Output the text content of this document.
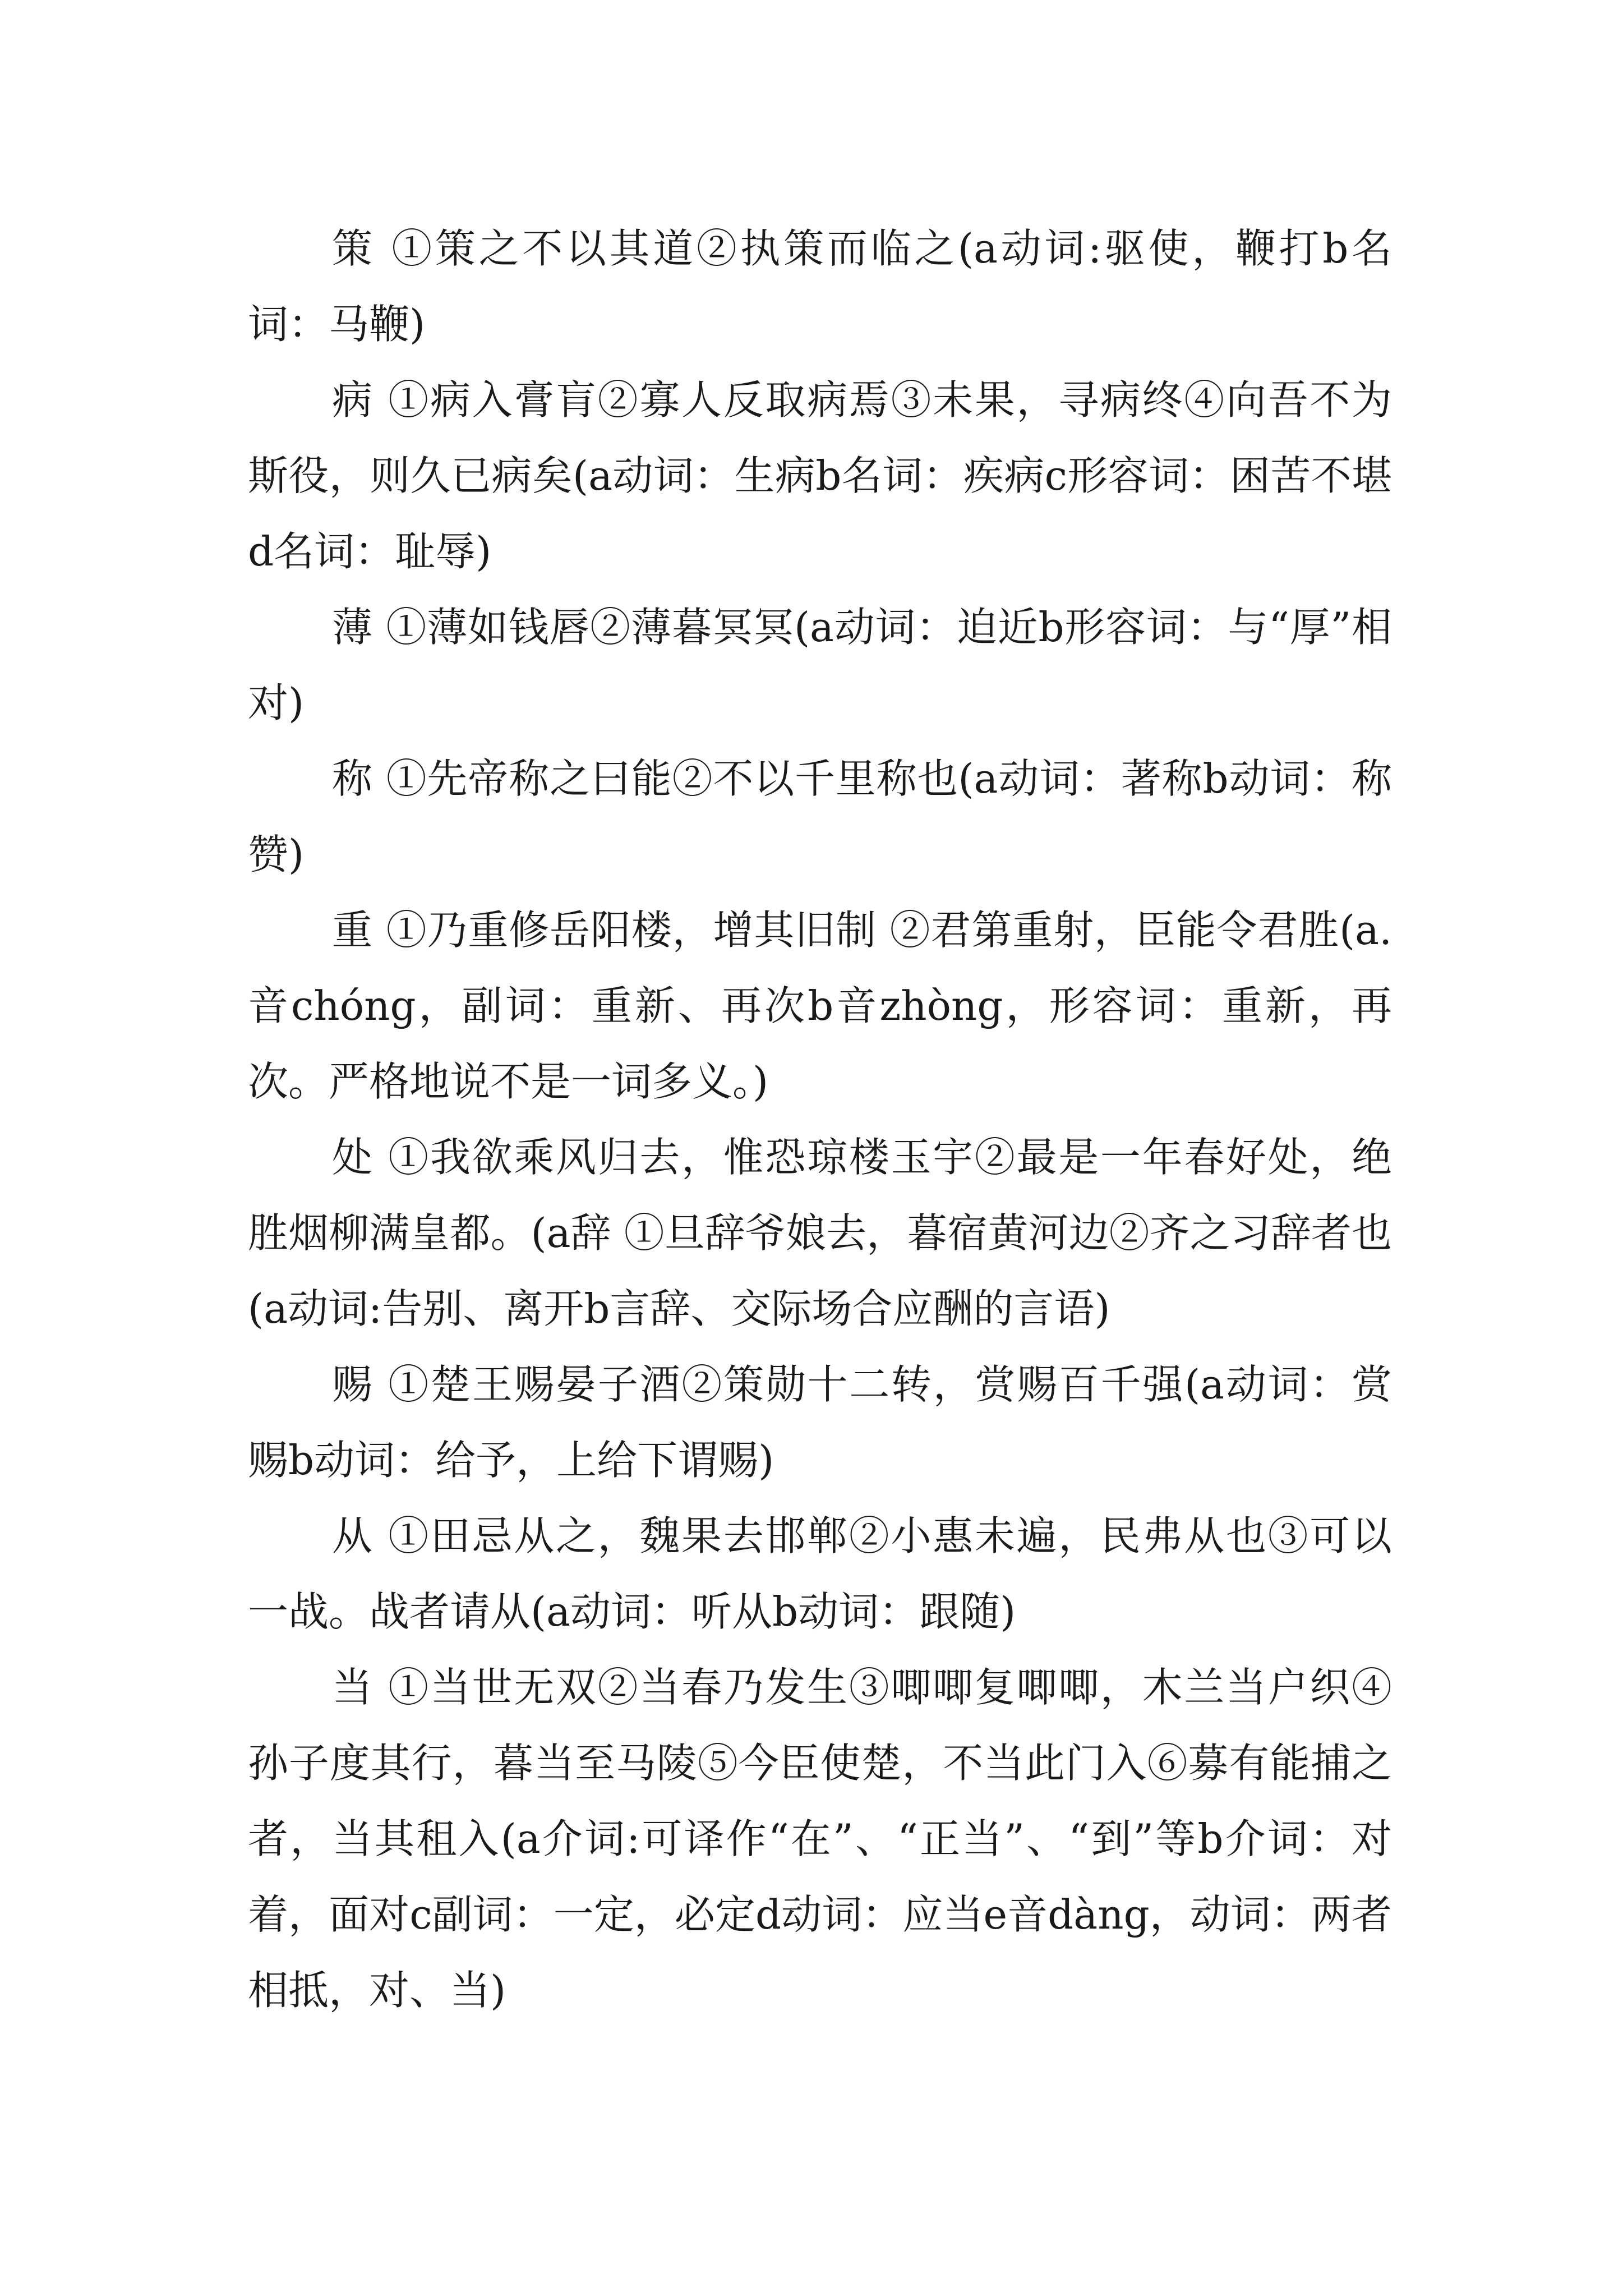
策 ①策之不以其道②执策而临之(a动词:驱使，鞭打b名词：马鞭)

病 ①病入膏肓②寡人反取病焉③未果，寻病终④向吾不为斯役，则久已病矣(a动词：生病b名词：疾病c形容词：困苦不堪d名词：耻辱)

薄 ①薄如钱唇②薄暮冥冥(a动词：迫近b形容词：与“厚”相对)

称 ①先帝称之曰能②不以千里称也(a动词：著称b动词：称赞)

重 ①乃重修岳阳楼，增其旧制 ②君第重射，臣能令君胜(a.音chóng，副词：重新、再次b音zhòng，形容词：重新，再次。严格地说不是一词多义。)

处 ①我欲乘风归去，惟恐琼楼玉宇②最是一年春好处，绝胜烟柳满皇都。(a辞 ①旦辞爷娘去，暮宿黄河边②齐之习辞者也(a动词:告别、离开b言辞、交际场合应酬的言语)

赐 ①楚王赐晏子酒②策勋十二转，赏赐百千强(a动词：赏赐b动词：给予，上给下谓赐)

从 ①田忌从之，魏果去邯郸②小惠未遍，民弗从也③可以一战。战者请从(a动词：听从b动词：跟随)

当 ①当世无双②当春乃发生③唧唧复唧唧，木兰当户织④孙子度其行，暮当至马陵⑤今臣使楚，不当此门入⑥募有能捕之者，当其租入(a介词:可译作“在”、“正当”、“到”等b介词：对着，面对c副词：一定，必定d动词：应当e音dàng，动词：两者相抵，对、当)
